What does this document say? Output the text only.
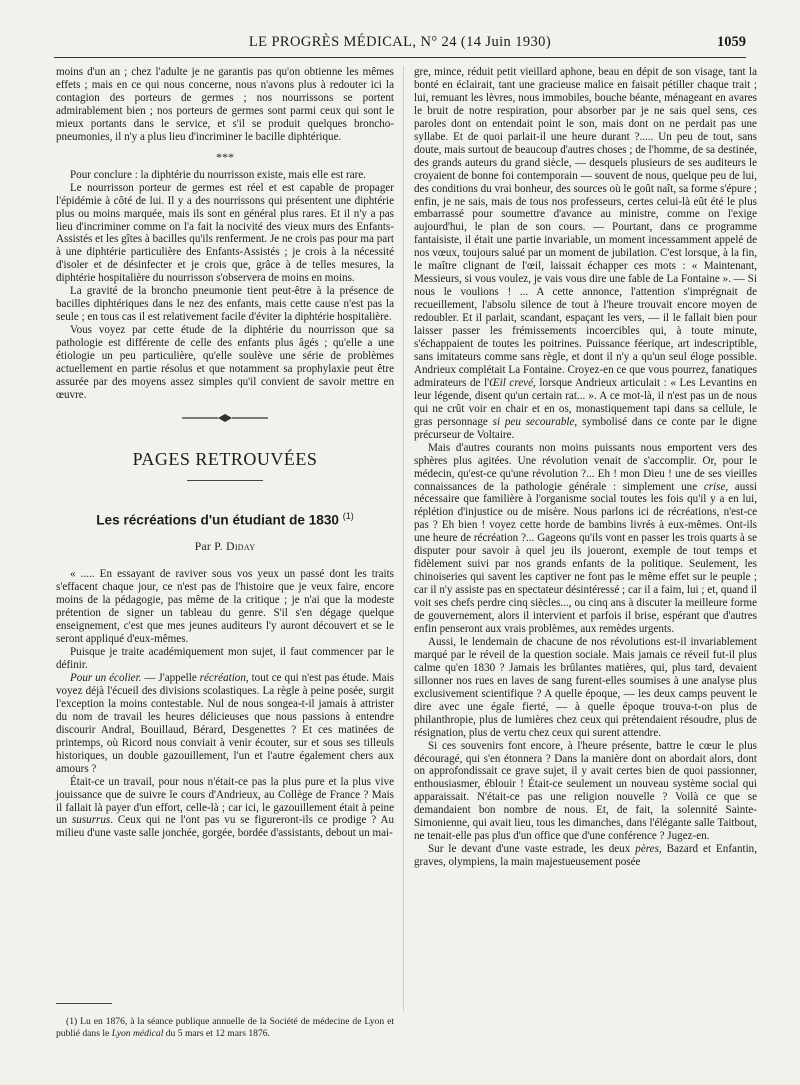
LE PROGRÈS MÉDICAL, N° 24 (14 Juin 1930)	1059

moins d'un an ; chez l'adulte je ne garantis pas qu'on obtienne les mêmes effets ; mais en ce qui nous concerne, nous n'avons plus à redouter ici la contagion des porteurs de germes ; nos nourrissons se portent admirablement bien ; nos porteurs de germes sont parmi ceux qui sont le mieux portants dans le service, et s'il se produit quelques broncho-pneumonies, il n'y a plus lieu d'incriminer le bacille diphtérique.

***

Pour conclure : la diphtérie du nourrisson existe, mais elle est rare.

Le nourrisson porteur de germes est réel et est capable de propager l'épidémie à côté de lui. Il y a des nourrissons qui présentent une diphtérie plus ou moins marquée, mais ils sont en général plus rares. Et il n'y a pas lieu d'incriminer comme on l'a fait la nocivité des vieux murs des Enfants-Assistés et les gîtes à bacilles qu'ils renferment. Je ne crois pas pour ma part à une diphtérie particulière des Enfants-Assistés ; je crois à la nécessité d'isoler et de désinfecter et je crois que, grâce à de telles mesures, la diphtérie hospitalière du nourrisson s'observera de moins en moins.

La gravité de la broncho pneumonie tient peut-être à la présence de bacilles diphtériques dans le nez des enfants, mais cette cause n'est pas la seule ; en tous cas il est relativement facile d'éviter la diphtérie hospitalière.

Vous voyez par cette étude de la diphtérie du nourrisson que sa pathologie est différente de celle des enfants plus âgés ; qu'elle a une étiologie un peu particulière, qu'elle soulève une série de problèmes actuellement en partie résolus et que notamment sa prophylaxie peut être assurée par des moyens assez simples qu'il convient de savoir mettre en œuvre.

PAGES RETROUVÉES
Les récréations d'un étudiant de 1830 $^{(1)}$
Par P. Diday

« ..... En essayant de raviver sous vos yeux un passé dont les traits s'effacent chaque jour, ce n'est pas de l'histoire que je veux faire, encore moins de la pédagogie, pas même de la critique ; je n'ai que la modeste prétention de signer un tableau du genre. S'il s'en dégage quelque enseignement, c'est que mes jeunes auditeurs l'y auront découvert et se le seront appliqué d'eux-mêmes.

Puisque je traite académiquement mon sujet, il faut commencer par le définir.

Pour un écolier. — J'appelle récréation, tout ce qui n'est pas étude. Mais voyez déjà l'écueil des divisions scolastiques. La règle à peine posée, surgit l'exception la moins contestable. Nul de nous songea-t-il jamais à attrister du nom de travail les heures délicieuses que nous passions à entendre discourir Andral, Bouillaud, Bérard, Desgenettes ? Et ces matinées de printemps, où Ricord nous conviait à venir écouter, sur et sous ses tilleuls historiques, un double gazouillement, l'un et l'autre également chers aux amours ?

Était-ce un travail, pour nous n'était-ce pas la plus pure et la plus vive jouissance que de suivre le cours d'Andrieux, au Collège de France ? Mais il fallait là payer d'un effort, celle-là ; car ici, le gazouillement était à peine un susurrus. Ceux qui ne l'ont pas vu se figureront-ils ce prodige ? Au milieu d'une vaste salle jonchée, gorgée, bordée d'assistants, debout un mai-

(1) Lu en 1876, à la séance publique annuelle de la Société de médecine de Lyon et publié dans le Lyon médical du 5 mars et 12 mars 1876.

gre, mince, réduit petit vieillard aphone, beau en dépit de son visage, tant la bonté en éclairait, tant une gracieuse malice en faisait pétiller chaque trait ; lui, remuant les lèvres, nous immobiles, bouche béante, ménageant en avares le bruit de notre respiration, pour absorber par je ne sais quel sens, ces paroles dont on entendait point le son, mais dont on ne perdait pas une syllabe. Et de quoi parlait-il une heure durant ?..... Un peu de tout, sans doute, mais surtout de beaucoup d'autres choses ; de l'homme, de sa destinée, des grands auteurs du grand siècle, — desquels plusieurs de ses auditeurs le croyaient de bonne foi contemporain — souvent de nous, quelque peu de lui, des conditions du vrai bonheur, des sources où le goût naît, sa forme s'épure ; enfin, je ne sais, mais de tous nos professeurs, certes celui-là eût été le plus embarrassé pour soumettre d'avance au ministre, comme on l'exige aujourd'hui, le plan de son cours. — Pourtant, dans ce programme fantaisiste, il était une partie invariable, un moment incessamment appelé de nos vœux, toujours salué par un moment de jubilation. C'est lorsque, à la fin, le maître clignant de l'œil, laissait échapper ces mots : « Maintenant, Messieurs, si vous voulez, je vais vous dire une fable de La Fontaine ». — Si nous le voulions ! ... A cette annonce, l'attention s'imprégnait de recueillement, l'absolu silence de tout à l'heure trouvait encore moyen de redoubler. Et il parlait, scandant, espaçant les vers, — il le fallait bien pour laisser passer les frémissements incoercibles qui, à toute minute, s'échappaient de toutes les poitrines. Puissance féerique, art indescriptible, sans imitateurs comme sans règle, et dont il n'y a qu'un seul éloge possible. Andrieux complétait La Fontaine. Croyez-en ce que vous pourrez, fanatiques admirateurs de l'Œil crevé, lorsque Andrieux articulait : « Les Levantins en leur légende, disent qu'un certain rat... ». A ce mot-là, il n'est pas un de nous qui ne crût voir en chair et en os, monastiquement tapi dans sa cellule, le gras personnage si peu secourable, symbolisé dans ce conte par le digne précurseur de Voltaire.

Mais d'autres courants non moins puissants nous emportent vers des sphères plus agitées. Une révolution venait de s'accomplir. Or, pour le médecin, qu'est-ce qu'une révolution ?... Eh ! mon Dieu ! une de ses vieilles connaissances de la pathologie générale : simplement une crise, aussi nécessaire que familière à l'organisme social toutes les fois qu'il y a en lui, réplétion d'injustice ou de misère. Nous parlons ici de récréations, n'est-ce pas ? Eh bien ! voyez cette horde de bambins livrés à eux-mêmes. Ont-ils une heure de récréation ?... Gageons qu'ils vont en passer les trois quarts à se disputer pour savoir à quel jeu ils joueront, exemple de tout temps et fidèlement suivi par nos grands enfants de la politique. Seulement, les chinoiseries qui savent les captiver ne font pas le même effet sur le peuple ; car il n'y assiste pas en spectateur désintéressé ; car il a faim, lui ; et, quand il voit ses chefs perdre cinq siècles..., ou cinq ans à discuter la meilleure forme de gouvernement, alors il intervient et parfois il brise, espérant que d'autres enfin penseront aux vrais problèmes, aux remèdes urgents.

Aussi, le lendemain de chacune de nos révolutions est-il invariablement marqué par le réveil de la question sociale. Mais jamais ce réveil fut-il plus calme qu'en 1830 ? Jamais les brûlantes matières, qui, plus tard, devaient sillonner nos rues en laves de sang furent-elles soumises à une analyse plus exclusivement scientifique ? A quelle époque, — les deux camps peuvent le dire avec une égale fierté, — à quelle époque trouva-t-on plus de philanthropie, plus de lumières chez ceux qui prétendaient résoudre, plus de résignation, plus de vertu chez ceux qui surent attendre.

Si ces souvenirs font encore, à l'heure présente, battre le cœur le plus découragé, qui s'en étonnera ? Dans la manière dont on abordait alors, dont on approfondissait ce grave sujet, il y avait certes bien de quoi passionner, enthousiasmer, éblouir ! Était-ce seulement un nouveau système social qui apparaissait. N'était-ce pas une religion nouvelle ? Voilà ce que se demandaient bon nombre de nous. Et, de fait, la solennité Sainte-Simonienne, qui avait lieu, tous les dimanches, dans l'élégante salle Taitbout, ne tenait-elle pas plus d'un office que d'une conférence ? Jugez-en.

Sur le devant d'une vaste estrade, les deux pères, Bazard et Enfantin, graves, olympiens, la main majestueusement posée
